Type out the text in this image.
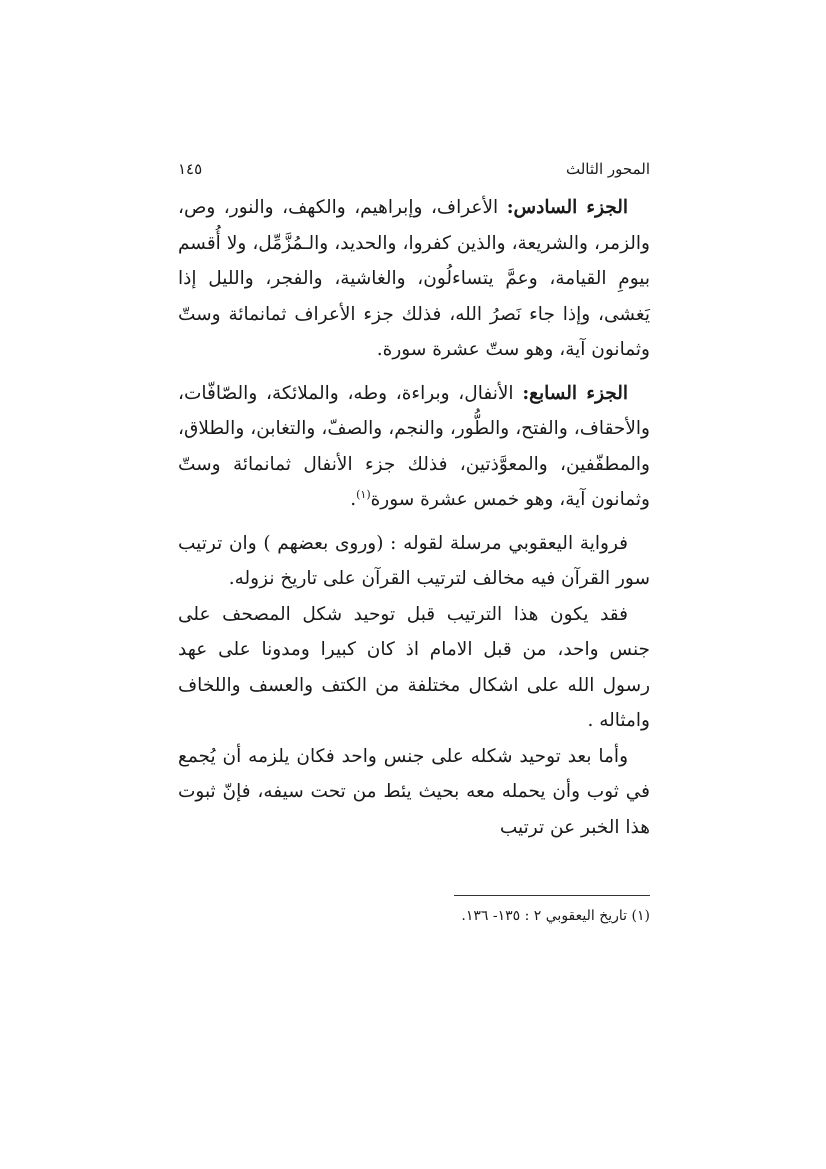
المحور الثالث
١٤٥

الجزء السادس: الأعراف، وإبراهيم، والكهف، والنور، وص، والزمر، والشريعة، والذين كفروا، والحديد، والـمُزَّمِّل، ولا أُقسم بيومِ القيامة، وعمَّ يتساءلُون، والغاشية، والفجر، والليل إذا يَغشى، وإذا جاء نَصرُ الله، فذلك جزء الأعراف ثمانمائة وستّ وثمانون آية، وهو ستّ عشرة سورة.

الجزء السابع: الأنفال، وبراءة، وطه، والملائكة، والصّافّات، والأحقاف، والفتح، والطُّور، والنجم، والصفّ، والتغابن، والطلاق، والمطفّفين، والمعوَّذتين، فذلك جزء الأنفال ثمانمائة وستّ وثمانون آية، وهو خمس عشرة سورة$^{(١)}$.

فرواية اليعقوبي مرسلة لقوله : (وروى بعضهم ) وان ترتيب سور القرآن فيه مخالف لترتيب القرآن على تاريخ نزوله.

فقد يكون هذا الترتيب قبل توحيد شكل المصحف على جنس واحد، من قبل الامام اذ كان كبيرا ومدونا على عهد رسول الله على اشكال مختلفة من الكتف والعسف واللخاف وامثاله .

وأما بعد توحيد شكله على جنس واحد فكان يلزمه أن يُجمع في ثوب وأن يحمله معه بحيث يئط من تحت سيفه، فإنّ ثبوت هذا الخبر عن ترتيب

(١) تاريخ اليعقوبي ٢ : ١٣٥- ١٣٦.
